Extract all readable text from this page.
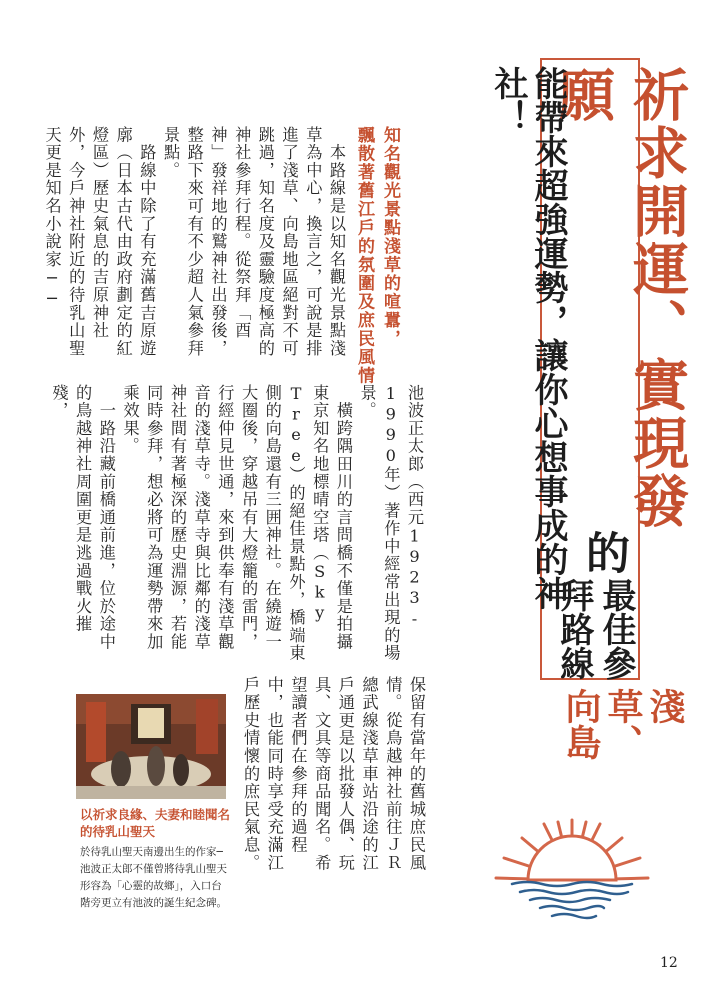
祈求開運、實現發願
的
最佳參
拜路線
淺草、
向島
能帶來超強運勢，讓你心想事成的神社！
知名觀光景點淺草的喧囂，
飄散著舊江戶的氛圍及庶民風情
池波正太郎（西元1923-1990年）著作中經常出現的場景。
　橫跨隅田川的言問橋不僅是拍攝東京知名地標晴空塔（Sky Tree）的絕佳景點外，橋端東側的向島還有三囲神社。在繞遊一大圈後，穿越吊有大燈籠的雷門，行經仲見世通，來到供奉有淺草觀音的淺草寺。淺草寺與比鄰的淺草神社間有著極深的歷史淵源，若能同時參拜，想必將可為運勢帶來加乘效果。
　一路沿藏前橋通前進，位於途中的鳥越神社周圍更是逃過戰火摧殘，
　本路線是以知名觀光景點淺草為中心，換言之，可說是排進了淺草、向島地區絕對不可跳過，知名度及靈驗度極高的神社參拜行程。從祭拜「酉神」發祥地的鷲神社出發後，整路下來可有不少超人氣參拜景點。
　路線中除了有充滿舊吉原遊廓（日本古代由政府劃定的紅燈區）歷史氣息的吉原神社外，今戶神社附近的待乳山聖天更是知名小說家──

保留有當年的舊城庶民風情。從鳥越神社前往ＪＲ總武線淺草車站沿途的江戶通更是以批發人偶、玩具、文具等商品聞名。希望讀者們在參拜的過程中，也能同時享受充滿江戶歷史情懷的庶民氣息。
以祈求良緣、夫妻和睦聞名的待乳山聖天
於待乳山聖天南邊出生的作家─池波正太郎不僅曾將待乳山聖天形容為「心靈的故鄉」，入口台階旁更立有池波的誕生紀念碑。
12
